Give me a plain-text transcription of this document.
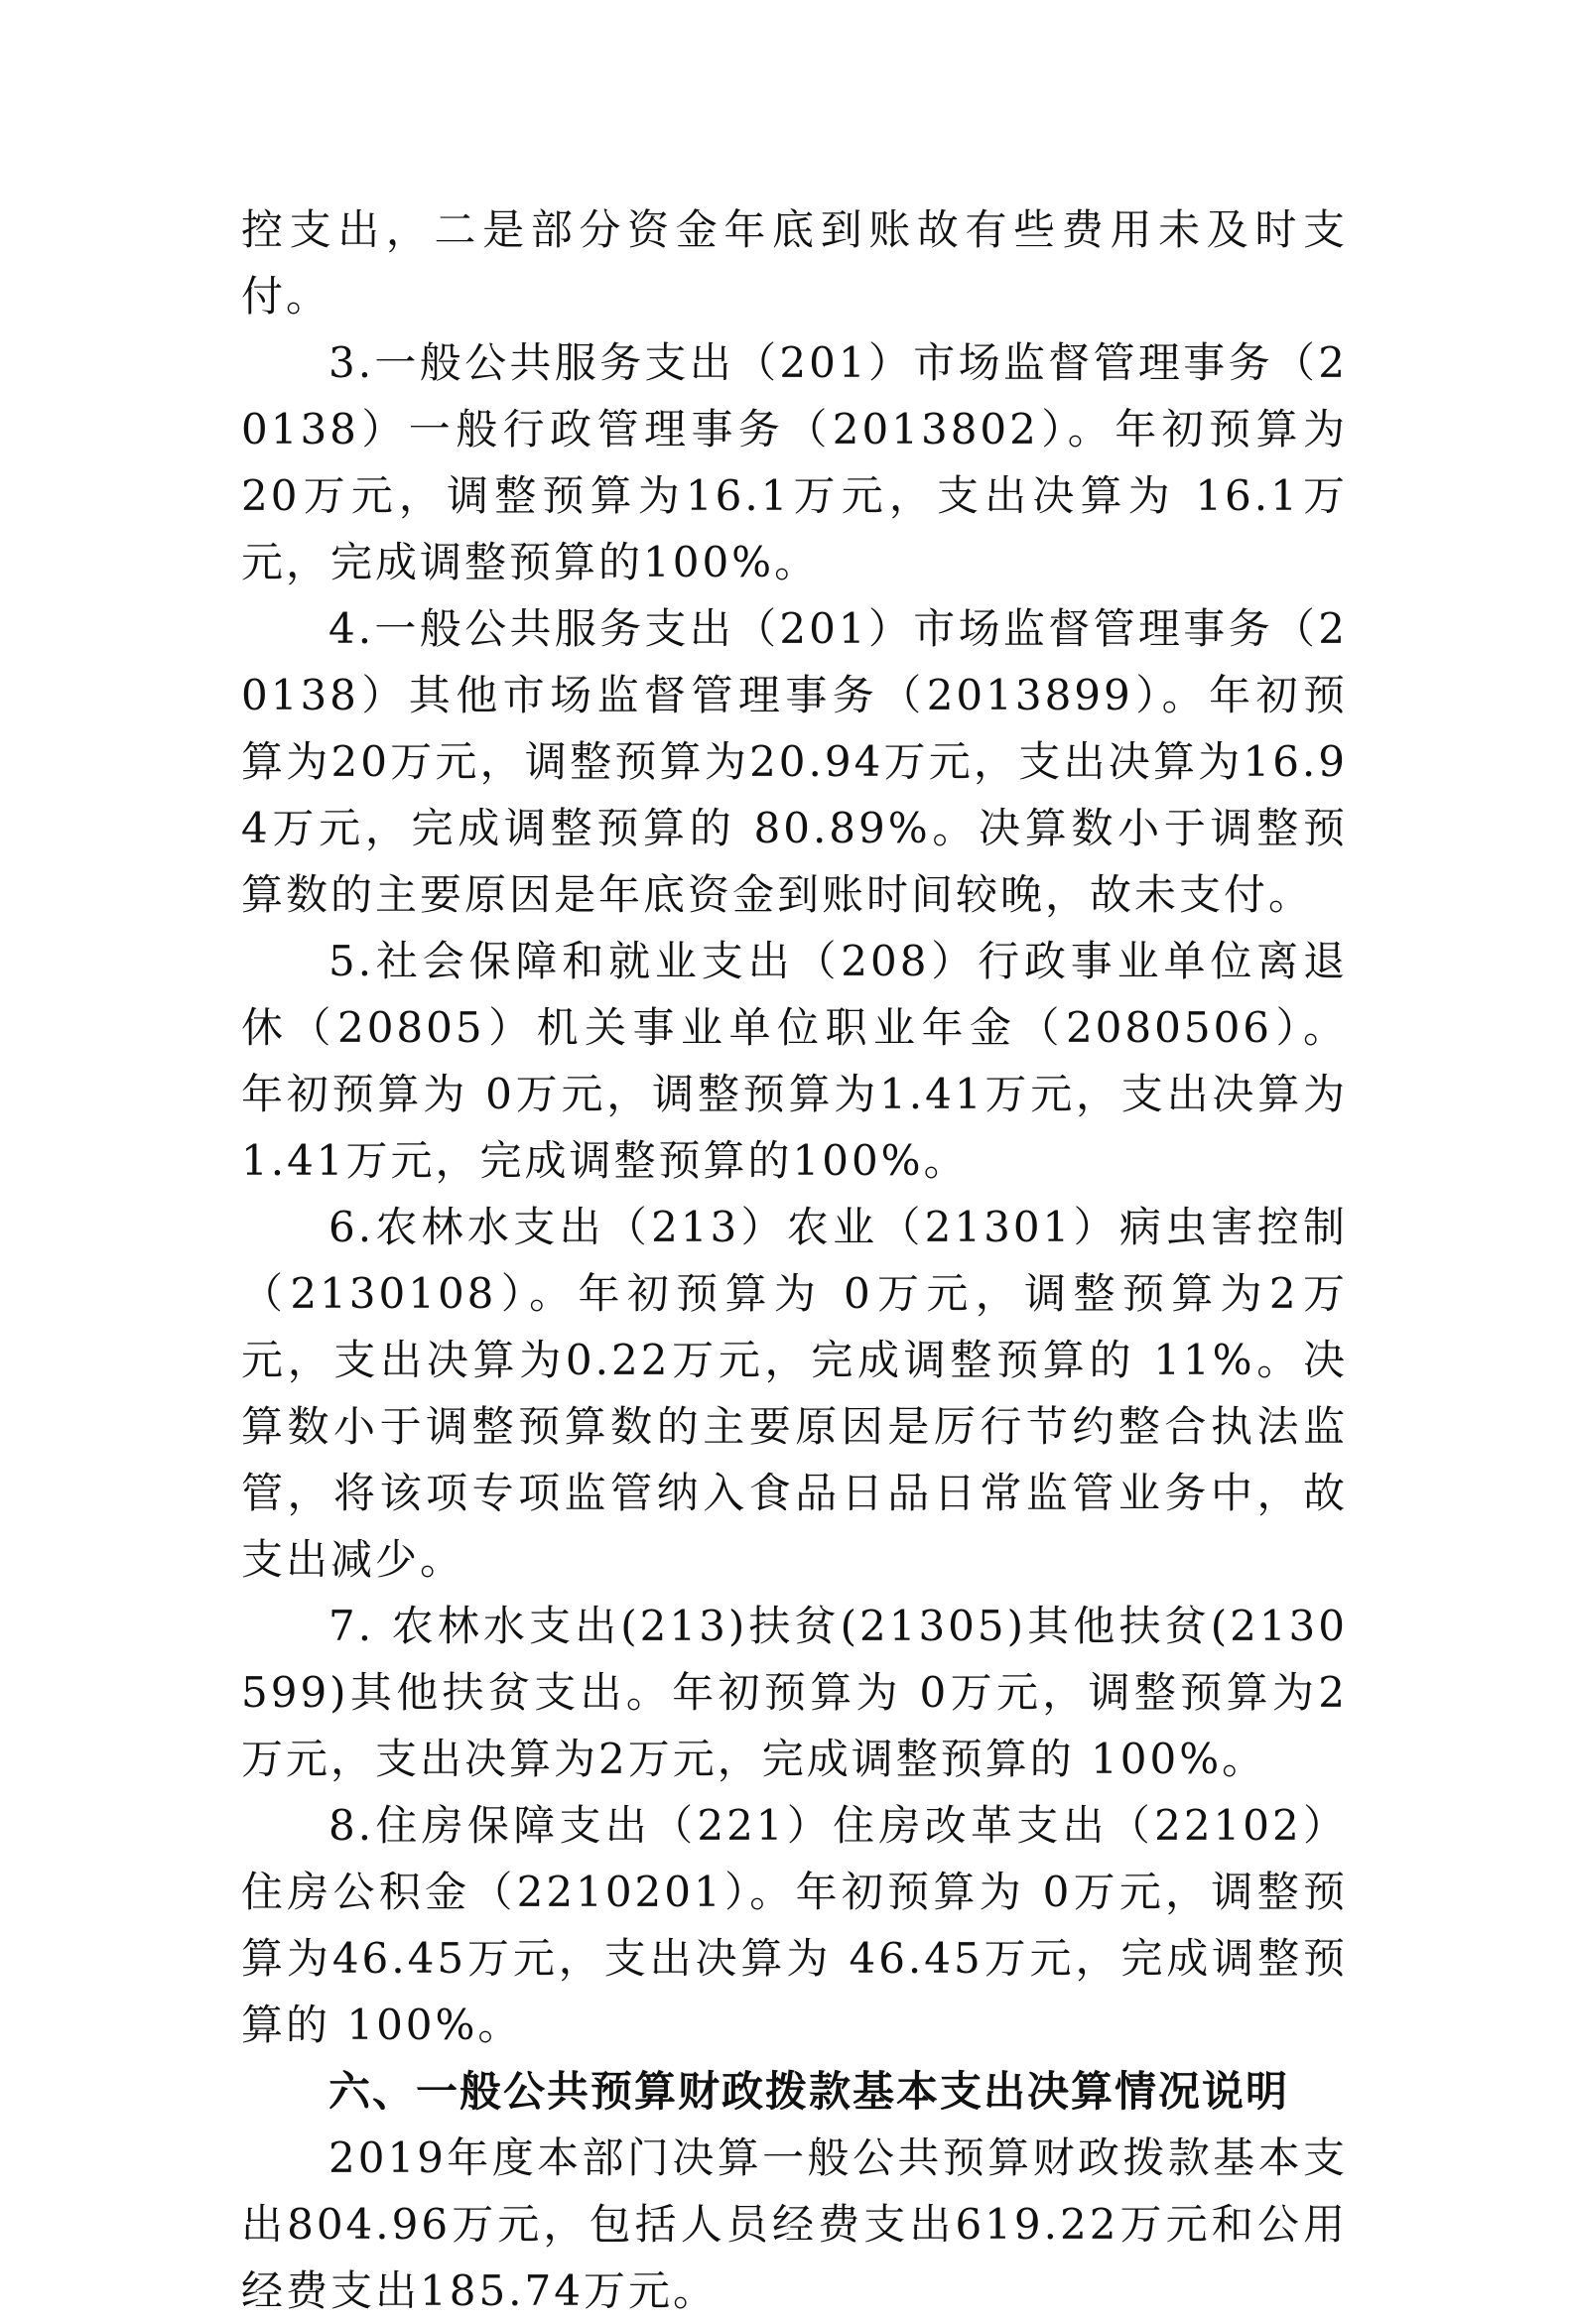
控支出，二是部分资金年底到账故有些费用未及时支付。

3.一般公共服务支出（201）市场监督管理事务（20138）一般行政管理事务（2013802）。年初预算为 20万元，调整预算为16.1万元，支出决算为 16.1万元，完成调整预算的100%。

4.一般公共服务支出（201）市场监督管理事务（20138）其他市场监督管理事务（2013899）。年初预算为20万元，调整预算为20.94万元，支出决算为16.94万元，完成调整预算的 80.89%。决算数小于调整预算数的主要原因是年底资金到账时间较晚，故未支付。

5.社会保障和就业支出（208）行政事业单位离退休（20805）机关事业单位职业年金（2080506）。 年初预算为 0万元，调整预算为1.41万元，支出决算为1.41万元，完成调整预算的100%。

6.农林水支出（213）农业（21301）病虫害控制（2130108）。年初预算为 0万元，调整预算为2万元，支出决算为0.22万元，完成调整预算的 11%。决算数小于调整预算数的主要原因是厉行节约整合执法监管，将该项专项监管纳入食品日品日常监管业务中，故支出减少。

7. 农林水支出(213)扶贫(21305)其他扶贫(2130599)其他扶贫支出。年初预算为 0万元，调整预算为2万元，支出决算为2万元，完成调整预算的 100%。

8.住房保障支出（221）住房改革支出（22102）住房公积金（2210201）。年初预算为 0万元，调整预算为46.45万元，支出决算为 46.45万元，完成调整预算的 100%。

六、一般公共预算财政拨款基本支出决算情况说明

2019年度本部门决算一般公共预算财政拨款基本支出804.96万元，包括人员经费支出619.22万元和公用经费支出185.74万元。
